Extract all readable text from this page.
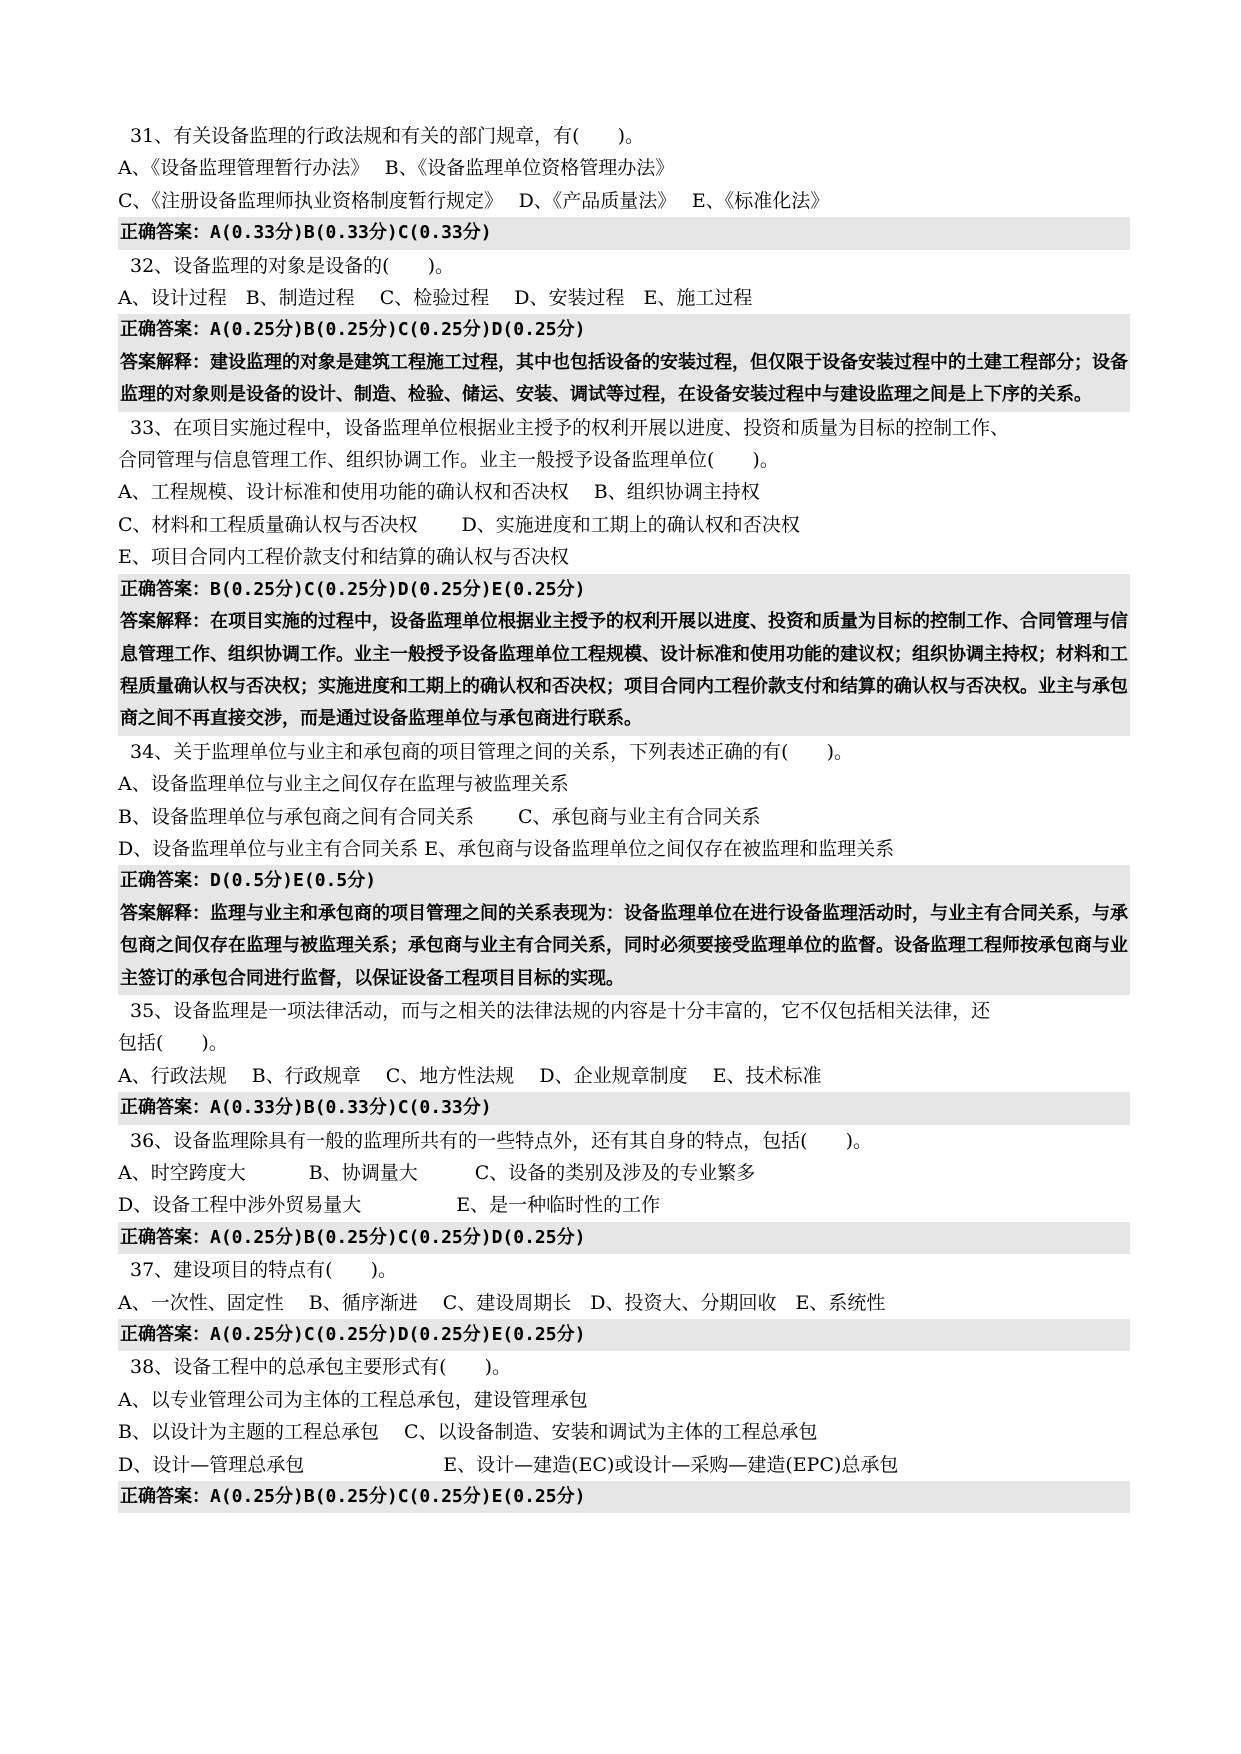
31、有关设备监理的行政法规和有关的部门规章，有(　　)。
A、《设备监理管理暂行办法》　 B、《设备监理单位资格管理办法》
C、《注册设备监理师执业资格制度暂行规定》　 D、《产品质量法》　 E、《标准化法》
正确答案：A(0.33分)B(0.33分)C(0.33分)
32、设备监理的对象是设备的(　　)。
A、设计过程　B、制造过程　 C、检验过程　 D、安装过程　E、施工过程
正确答案：A(0.25分)B(0.25分)C(0.25分)D(0.25分)
答案解释：建设监理的对象是建筑工程施工过程，其中也包括设备的安装过程，但仅限于设备安装过程中的土建工程部分；设备监理的对象则是设备的设计、制造、检验、储运、安装、调试等过程，在设备安装过程中与建设监理之间是上下序的关系。
33、在项目实施过程中，设备监理单位根据业主授予的权利开展以进度、投资和质量为目标的控制工作、
合同管理与信息管理工作、组织协调工作。业主一般授予设备监理单位(　　)。
A、工程规模、设计标准和使用功能的确认权和否决权　 B、组织协调主持权
C、材料和工程质量确认权与否决权　　 D、实施进度和工期上的确认权和否决权
E、项目合同内工程价款支付和结算的确认权与否决权
正确答案：B(0.25分)C(0.25分)D(0.25分)E(0.25分)
答案解释：在项目实施的过程中，设备监理单位根据业主授予的权利开展以进度、投资和质量为目标的控制工作、合同管理与信息管理工作、组织协调工作。业主一般授予设备监理单位工程规模、设计标准和使用功能的建议权；组织协调主持权；材料和工程质量确认权与否决权；实施进度和工期上的确认权和否决权；项目合同内工程价款支付和结算的确认权与否决权。业主与承包商之间不再直接交涉，而是通过设备监理单位与承包商进行联系。
34、关于监理单位与业主和承包商的项目管理之间的关系，下列表述正确的有(　　)。
A、设备监理单位与业主之间仅存在监理与被监理关系
B、设备监理单位与承包商之间有合同关系　　 C、承包商与业主有合同关系
D、设备监理单位与业主有合同关系 E、承包商与设备监理单位之间仅存在被监理和监理关系
正确答案：D(0.5分)E(0.5分)
答案解释：监理与业主和承包商的项目管理之间的关系表现为：设备监理单位在进行设备监理活动时，与业主有合同关系，与承包商之间仅存在监理与被监理关系；承包商与业主有合同关系，同时必须要接受监理单位的监督。设备监理工程师按承包商与业主签订的承包合同进行监督，以保证设备工程项目目标的实现。
35、设备监理是一项法律活动，而与之相关的法律法规的内容是十分丰富的，它不仅包括相关法律，还
包括(　　)。
A、行政法规　 B、行政规章　 C、地方性法规　 D、企业规章制度　 E、技术标准
正确答案：A(0.33分)B(0.33分)C(0.33分)
36、设备监理除具有一般的监理所共有的一些特点外，还有其自身的特点，包括(　　)。
A、时空跨度大　　　 B、协调量大　　　C、设备的类别及涉及的专业繁多
D、设备工程中涉外贸易量大　　　　　E、是一种临时性的工作
正确答案：A(0.25分)B(0.25分)C(0.25分)D(0.25分)
37、建设项目的特点有(　　)。
A、一次性、固定性　 B、循序渐进　 C、建设周期长　D、投资大、分期回收　E、系统性
正确答案：A(0.25分)C(0.25分)D(0.25分)E(0.25分)
38、设备工程中的总承包主要形式有(　　)。
A、以专业管理公司为主体的工程总承包，建设管理承包
B、以设计为主题的工程总承包　 C、以设备制造、安装和调试为主体的工程总承包
D、设计—管理总承包　　　　　　　 E、设计—建造(EC)或设计—采购—建造(EPC)总承包
正确答案：A(0.25分)B(0.25分)C(0.25分)E(0.25分)
